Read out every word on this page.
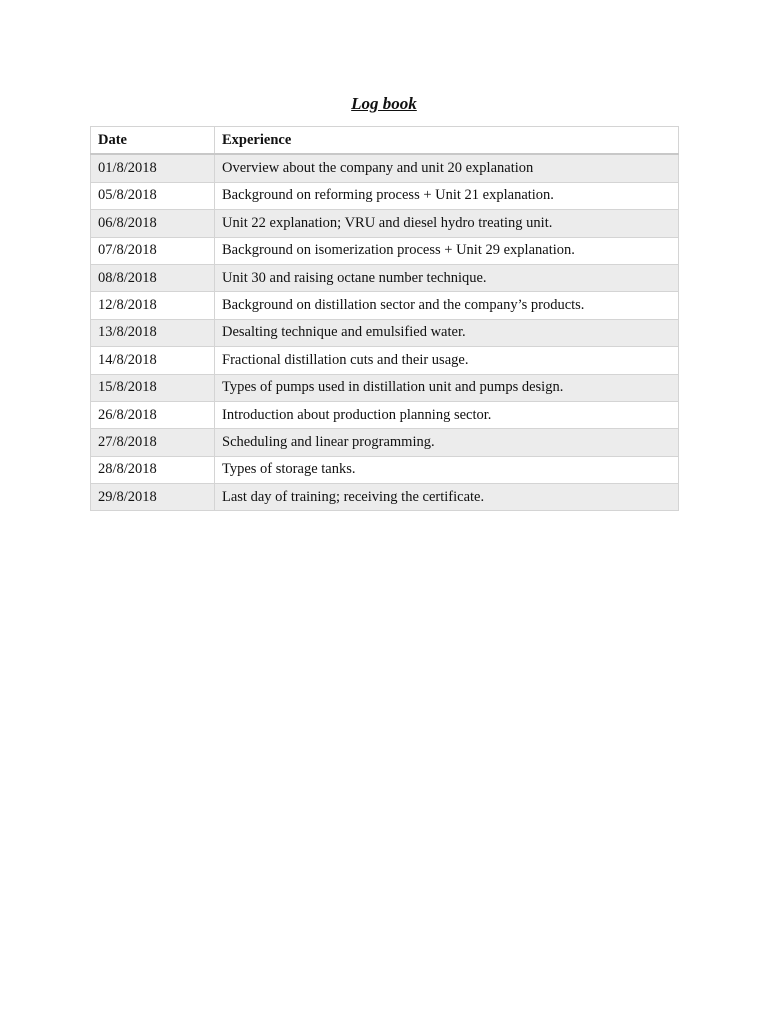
Log book
Date	Experience
01/8/2018	Overview about the company and unit 20 explanation
05/8/2018	Background on reforming process + Unit 21 explanation.
06/8/2018	Unit 22 explanation; VRU and diesel hydro treating unit.
07/8/2018	Background on isomerization process + Unit 29 explanation.
08/8/2018	Unit 30 and raising octane number technique.
12/8/2018	Background on distillation sector and the company’s products.
13/8/2018	Desalting technique and emulsified water.
14/8/2018	Fractional distillation cuts and their usage.
15/8/2018	Types of pumps used in distillation unit and pumps design.
26/8/2018	Introduction about production planning sector.
27/8/2018	Scheduling and linear programming.
28/8/2018	Types of storage tanks.
29/8/2018	Last day of training; receiving the certificate.
